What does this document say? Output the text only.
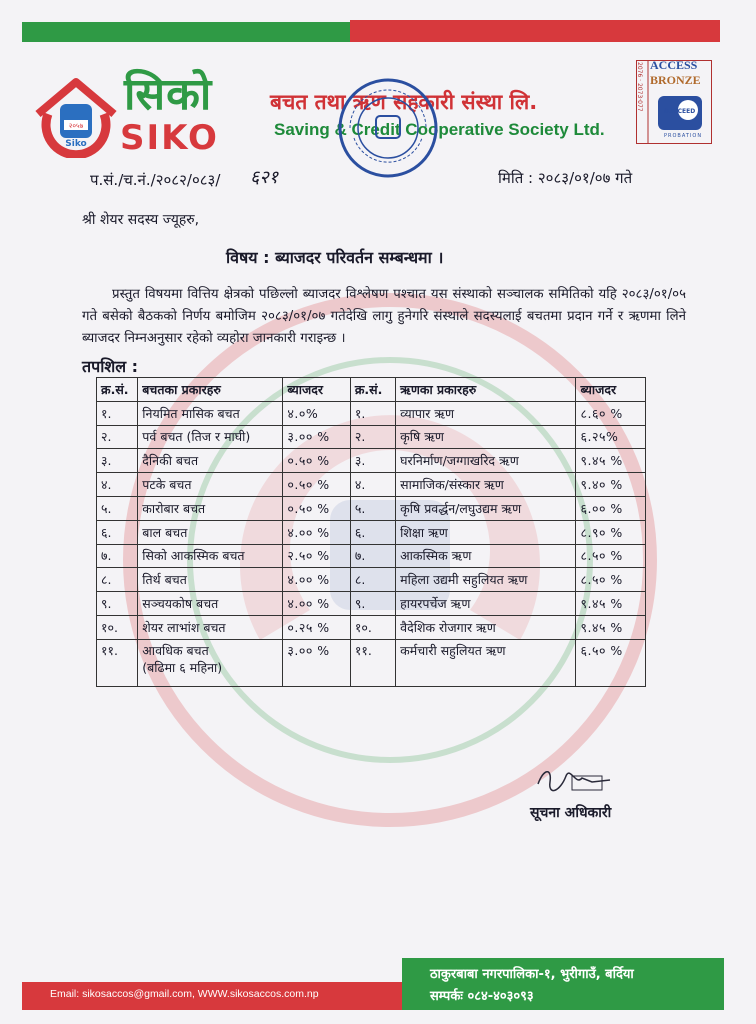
२०५७
Siko
सिको
SIKO
बचत तथा ऋण सहकारी संस्था लि.
Saving & Credit Cooperative Society Ltd.
2076 · 2073·077 ACCESS
BRONZE
SUCCEED
PROBATION
प.सं./च.नं./२०८२/०८३/ ६२१	मिति : २०८३/०१/०७ गते
श्री शेयर सदस्य ज्यूहरु,
विषय : ब्याजदर परिवर्तन सम्बन्धमा ।
प्रस्तुत विषयमा वित्तिय क्षेत्रको पछिल्लो ब्याजदर विश्लेषण पश्चात यस संस्थाको सञ्चालक समितिको यहि २०८३/०१/०५ गते बसेको बैठकको निर्णय बमोजिम २०८३/०१/०७ गतेदेखि लागु हुनेगरि संस्थाले सदस्यलाई बचतमा प्रदान गर्ने र ऋणमा लिने ब्याजदर निम्नअनुसार रहेको व्यहोरा जानकारी गराइन्छ ।
तपशिल :
क्र.सं.	बचतका प्रकारहरु	ब्याजदर	क्र.सं.	ऋणका प्रकारहरु	ब्याजदर
१.	नियमित मासिक बचत	४.०%	१.	व्यापार ऋण	८.६० %
२.	पर्व बचत (तिज र माघी)	३.०० %	२.	कृषि ऋण	६.२५%
३.	दैनिकी बचत	०.५० %	३.	घरनिर्माण/जग्गाखरिद ऋण	९.४५ %
४.	पटके बचत	०.५० %	४.	सामाजिक/संस्कार ऋण	९.४० %
५.	कारोबार बचत	०.५० %	५.	कृषि प्रवर्द्धन/लघुउद्यम ऋण	६.०० %
६.	बाल बचत	४.०० %	६.	शिक्षा ऋण	८.९० %
७.	सिको आकस्मिक बचत	२.५० %	७.	आकस्मिक ऋण	८.५० %
८.	तिर्थ बचत	४.०० %	८.	महिला उद्यमी सहुलियत ऋण	८.५० %
९.	सञ्चयकोष बचत	४.०० %	९.	हायरपर्चेज ऋण	९.४५ %
१०.	शेयर लाभांश बचत	०.२५ %	१०.	वैदेशिक रोजगार ऋण	९.४५ %
११.	आवधिक बचत
(बढिमा ६ महिना)	३.०० %	११.	कर्मचारी सहुलियत ऋण	६.५० %
सूचना अधिकारी
Email: sikosaccos@gmail.com, WWW.sikosaccos.com.np
ठाकुरबाबा नगरपालिका-१, भुरीगाउँ, बर्दिया
सम्पर्कः ०८४-४०३०९३
